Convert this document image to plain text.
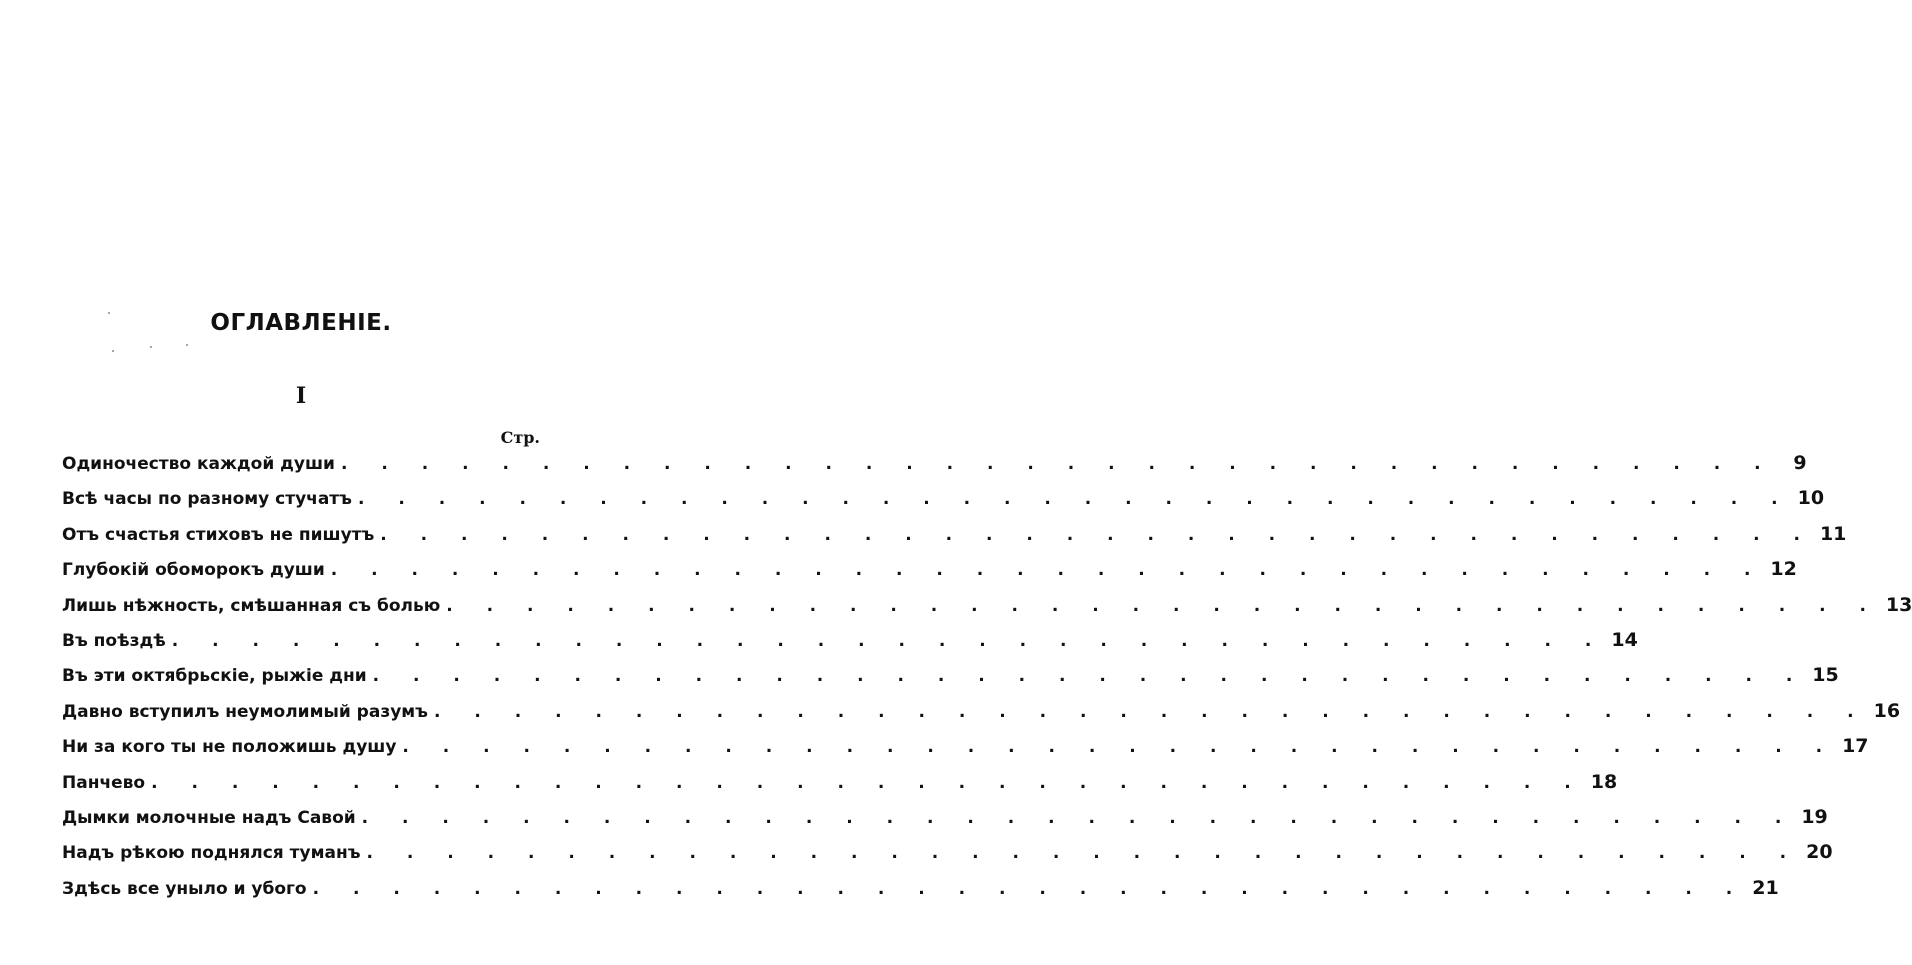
ОГЛАВЛЕНІЕ.
I
Стр.
Одиночество каждой души . . . . . . . . . . . . . . . . . . . . . . . . . . . . . . . . . . . . 9
Всѣ часы по разному стучатъ . . . . . . . . . . . . . . . . . . . . . . . . . . . . . . . . . . . . 10
Отъ счастья стиховъ не пишутъ . . . . . . . . . . . . . . . . . . . . . . . . . . . . . . . . . . . . 11
Глубокій обоморокъ души . . . . . . . . . . . . . . . . . . . . . . . . . . . . . . . . . . . . 12
Лишь нѣжность, смѣшанная съ болью . . . . . . . . . . . . . . . . . . . . . . . . . . . . . . . . . . . . 13
Въ поѣздѣ . . . . . . . . . . . . . . . . . . . . . . . . . . . . . . . . . . . . 14
Въ эти октябрьскіе, рыжіе дни . . . . . . . . . . . . . . . . . . . . . . . . . . . . . . . . . . . . 15
Давно вступилъ неумолимый разумъ . . . . . . . . . . . . . . . . . . . . . . . . . . . . . . . . . . . . 16
Ни за кого ты не положишь душу . . . . . . . . . . . . . . . . . . . . . . . . . . . . . . . . . . . . 17
Панчево . . . . . . . . . . . . . . . . . . . . . . . . . . . . . . . . . . . . 18
Дымки молочные надъ Савой . . . . . . . . . . . . . . . . . . . . . . . . . . . . . . . . . . . . 19
Надъ рѣкою поднялся туманъ . . . . . . . . . . . . . . . . . . . . . . . . . . . . . . . . . . . . 20
Здѣсь все уныло и убого . . . . . . . . . . . . . . . . . . . . . . . . . . . . . . . . . . . . 21
